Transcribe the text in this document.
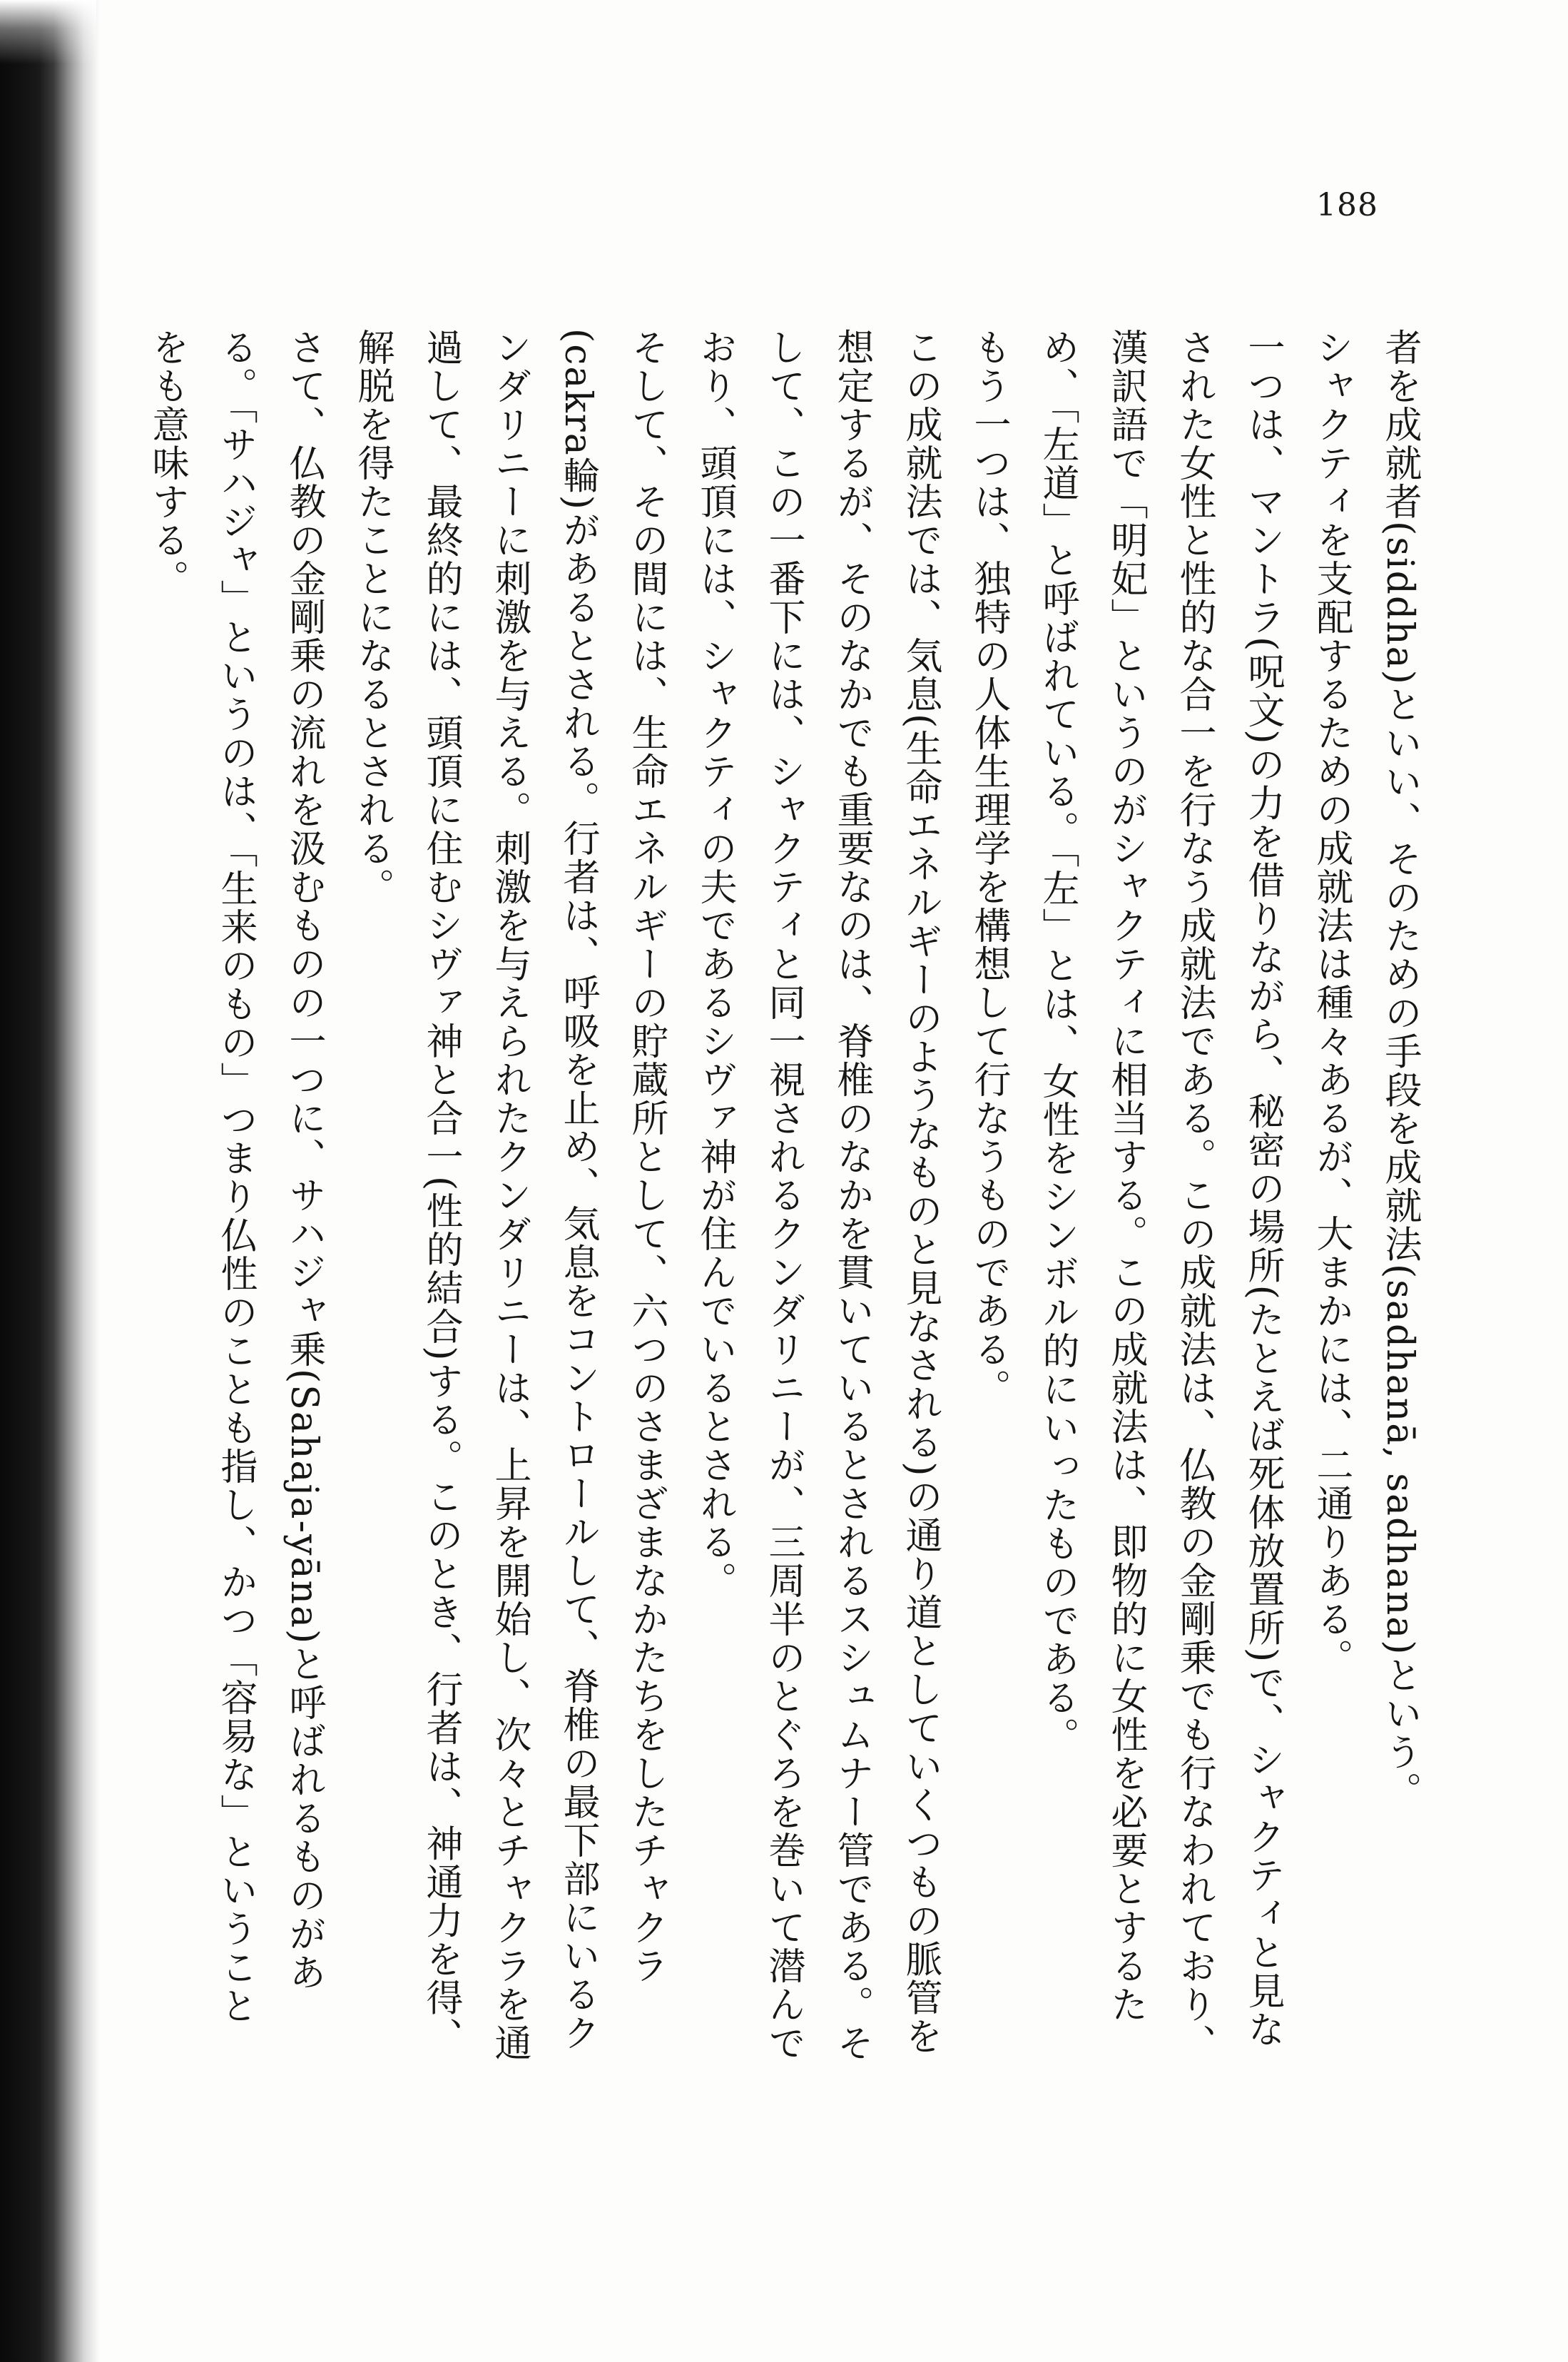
188

者を成就者(siddha)といい、そのための手段を成就法(sadhanā, sadhana)という。

シャクティを支配するための成就法は種々あるが、大まかには、二通りある。

一つは、マントラ(呪文)の力を借りながら、秘密の場所(たとえば死体放置所)で、シャクティと見なされた女性と性的な合一を行なう成就法である。この成就法は、仏教の金剛乗でも行なわれており、漢訳語で「明妃」というのがシャクティに相当する。この成就法は、即物的に女性を必要とするため、「左道」と呼ばれている。「左」とは、女性をシンボル的にいったものである。

もう一つは、独特の人体生理学を構想して行なうものである。

この成就法では、気息(生命エネルギーのようなものと見なされる)の通り道としていくつもの脈管を想定するが、そのなかでも重要なのは、脊椎のなかを貫いているとされるスシュムナー管である。そして、この一番下には、シャクティと同一視されるクンダリニーが、三周半のとぐろを巻いて潜んでおり、頭頂には、シャクティの夫であるシヴァ神が住んでいるとされる。

そして、その間には、生命エネルギーの貯蔵所として、六つのさまざまなかたちをしたチャクラ(cakra輪)があるとされる。行者は、呼吸を止め、気息をコントロールして、脊椎の最下部にいるクンダリニーに刺激を与える。刺激を与えられたクンダリニーは、上昇を開始し、次々とチャクラを通過して、最終的には、頭頂に住むシヴァ神と合一(性的結合)する。このとき、行者は、神通力を得、解脱を得たことになるとされる。

さて、仏教の金剛乗の流れを汲むものの一つに、サハジャ乗(Sahaja-yāna)と呼ばれるものがある。「サハジャ」というのは、「生来のもの」つまり仏性のことも指し、かつ「容易な」ということをも意味する。
